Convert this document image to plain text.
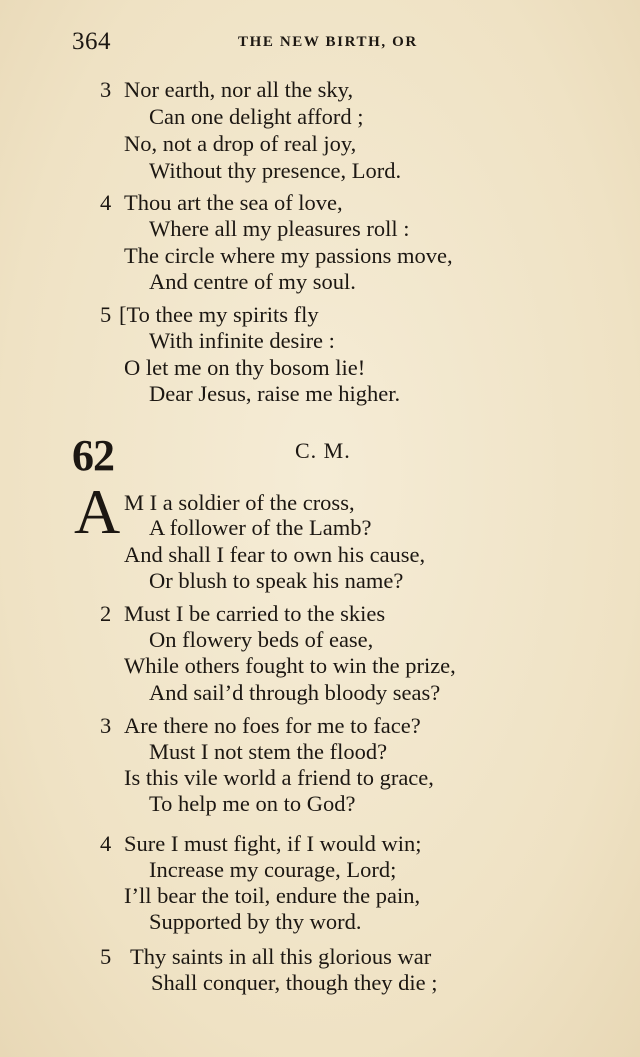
364	THE NEW BIRTH, OR
3 Nor earth, nor all the sky,
Can one delight afford ;
No, not a drop of real joy,
Without thy presence, Lord.
4 Thou art the sea of love,
Where all my pleasures roll :
The circle where my passions move,
And centre of my soul.
5 [To thee my spirits fly
With infinite desire :
O let me on thy bosom lie!
Dear Jesus, raise me higher.
62	C. M.
A M I a soldier of the cross,
A follower of the Lamb?
And shall I fear to own his cause,
Or blush to speak his name?
2 Must I be carried to the skies
On flowery beds of ease,
While others fought to win the prize,
And sail’d through bloody seas?
3 Are there no foes for me to face?
Must I not stem the flood?
Is this vile world a friend to grace,
To help me on to God?
4 Sure I must fight, if I would win;
Increase my courage, Lord;
I’ll bear the toil, endure the pain,
Supported by thy word.
5 Thy saints in all this glorious war
Shall conquer, though they die ;
